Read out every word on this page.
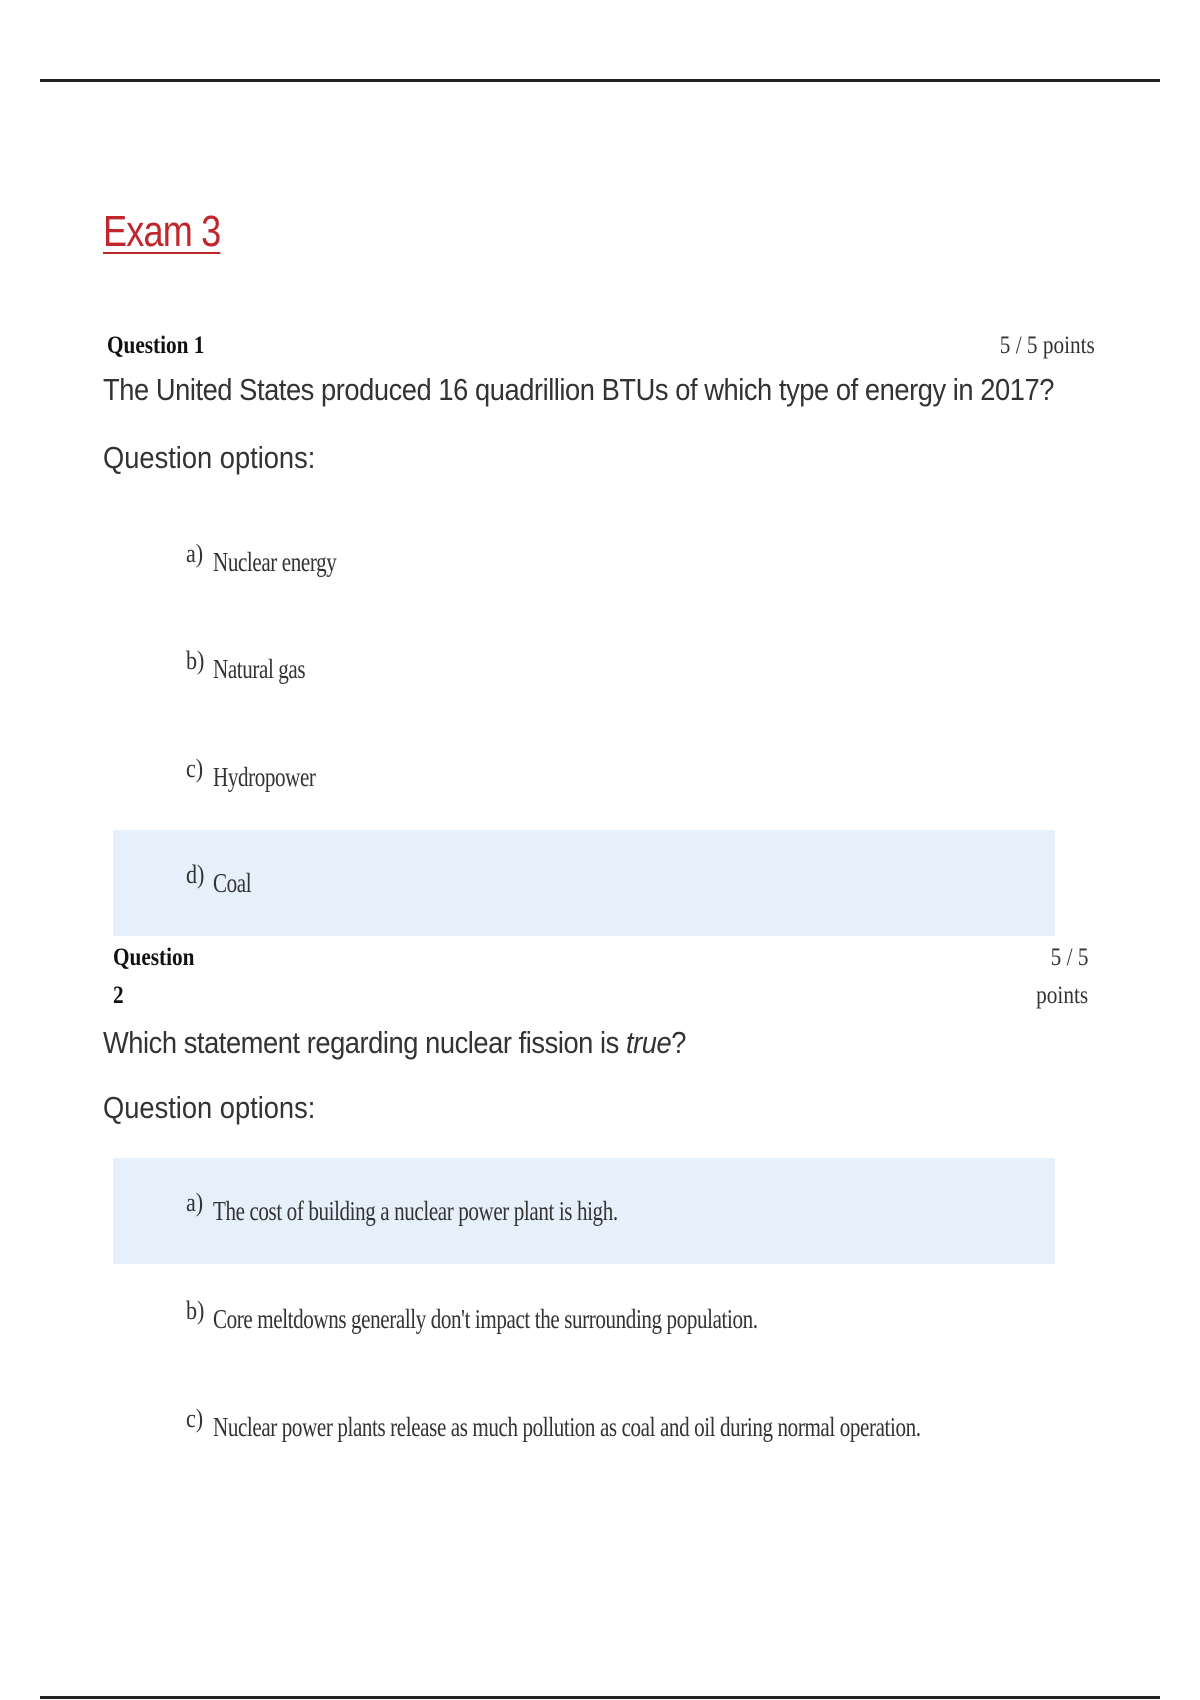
Exam 3

Question 1	5 / 5 points

The United States produced 16 quadrillion BTUs of which type of energy in 2017?

Question options:

a) Nuclear energy
b) Natural gas
c) Hydropower
d) Coal

Question

2

5 / 5

points

Which statement regarding nuclear fission is true?

Question options:

a) The cost of building a nuclear power plant is high.
b) Core meltdowns generally don't impact the surrounding population.
c) Nuclear power plants release as much pollution as coal and oil during normal operation.
